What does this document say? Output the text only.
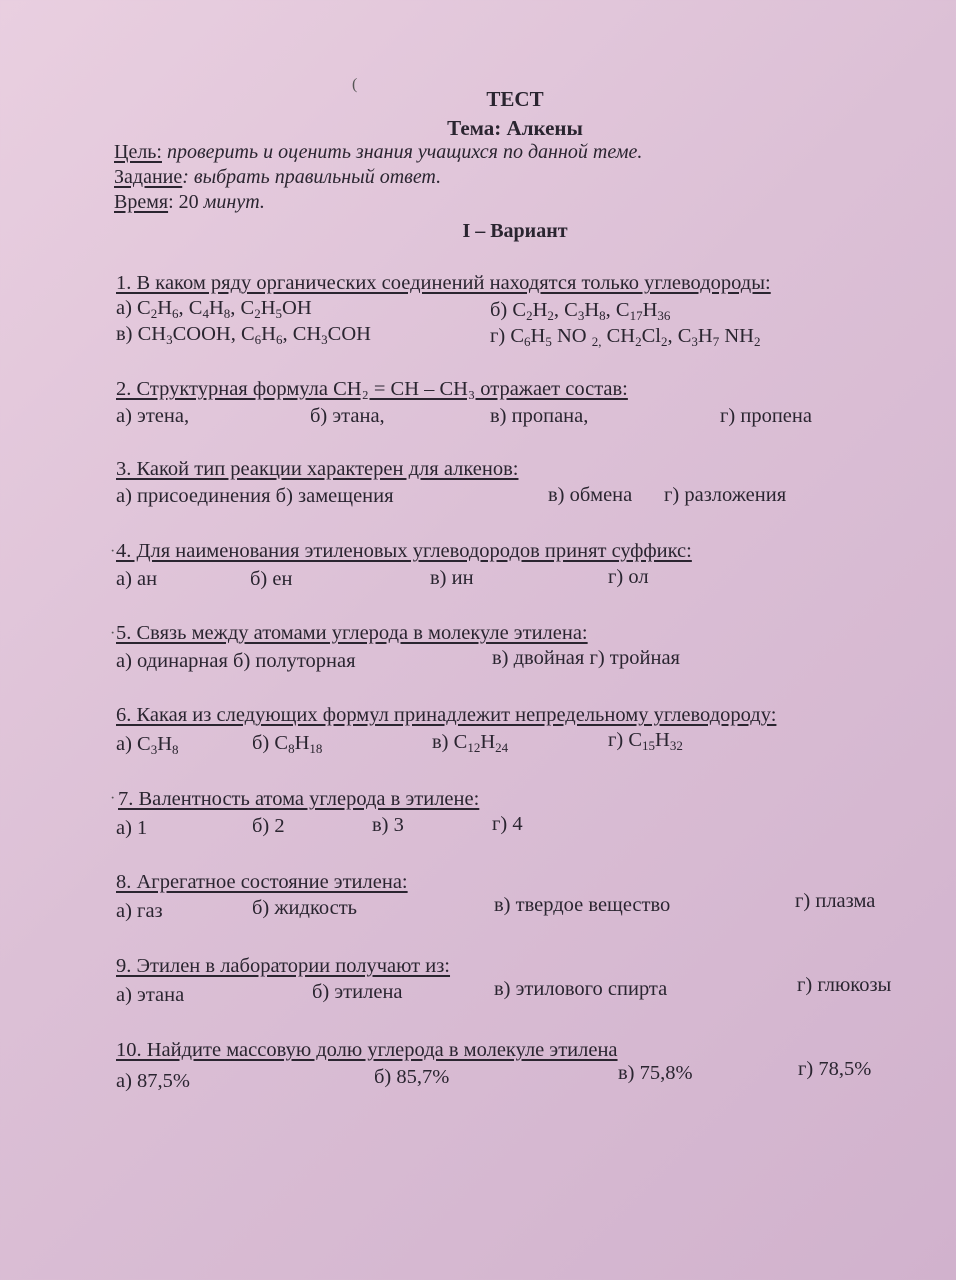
ТЕСТ
Тема: Алкены
Цель: проверить и оценить знания учащихся по данной теме.
Задание: выбрать правильный ответ.
Время: 20 минут.
I – Вариант
1. В каком ряду органических соединений находятся только углеводороды:
а) $C_2H_6$, $C_4H_8$, $C_2H_5OH$	б) $C_2H_2$, $C_3H_8$, $C_{17}H_{36}$
в) $CH_3COOH$, $C_6H_6$, $CH_3COH$	г) $C_6H_5$ NO $_{2,}$ $CH_2Cl_2$, $C_3H_7$ $NH_2$
2. Структурная формула CH₂ = CH – CH₃ отражает состав:
а) этена,	б) этана,	в) пропана,	г) пропена
3. Какой тип реакции характерен для алкенов:
а) присоединения б) замещения	в) обмена г) разложения
4. Для наименования этиленовых углеводородов принят суффикс:
а) ан	б) ен	в) ин	г) ол
5. Связь между атомами углерода в молекуле этилена:
а) одинарная б) полуторная	в) двойная г) тройная
6. Какая из следующих формул принадлежит непредельному углеводороду:
а) $C_3H_8$	б) $C_8H_{18}$	в) $C_{12}H_{24}$	г) $C_{15}H_{32}$
7. Валентность атома углерода в этилене:
а) 1	б) 2	в) 3	г) 4
8. Агрегатное состояние этилена:
а) газ	б) жидкость	в) твердое вещество	г) плазма
9. Этилен в лаборатории получают из:
а) этана	б) этилена	в) этилового спирта	г) глюкозы
10. Найдите массовую долю углерода в молекуле этилена
а) 87,5%	б) 85,7%	в) 75,8%	г) 78,5%
(
·
·
·
